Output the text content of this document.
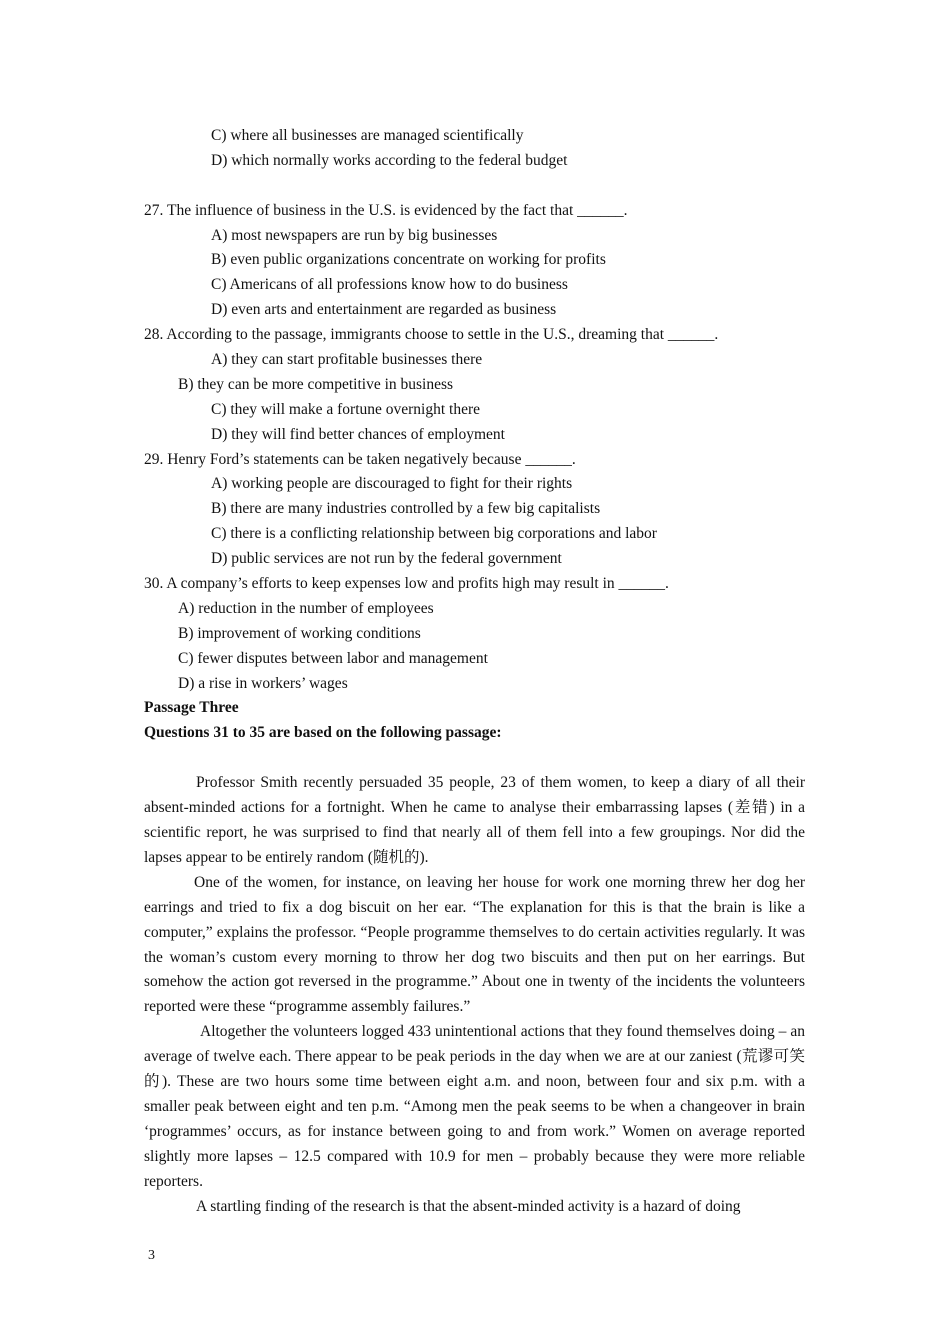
C) where all businesses are managed scientifically
D) which normally works according to the federal budget
27. The influence of business in the U.S. is evidenced by the fact that ______.
A) most newspapers are run by big businesses
B) even public organizations concentrate on working for profits
C) Americans of all professions know how to do business
D) even arts and entertainment are regarded as business
28. According to the passage, immigrants choose to settle in the U.S., dreaming that ______.
A) they can start profitable businesses there
B) they can be more competitive in business
C) they will make a fortune overnight there
D) they will find better chances of employment
29. Henry Ford’s statements can be taken negatively because ______.
A) working people are discouraged to fight for their rights
B) there are many industries controlled by a few big capitalists
C) there is a conflicting relationship between big corporations and labor
D) public services are not run by the federal government
30. A company’s efforts to keep expenses low and profits high may result in ______.
A) reduction in the number of employees
B) improvement of working conditions
C) fewer disputes between labor and management
D) a rise in workers’ wages
Passage Three
Questions 31 to 35 are based on the following passage:
Professor Smith recently persuaded 35 people, 23 of them women, to keep a diary of all their absent-minded actions for a fortnight. When he came to analyse their embarrassing lapses (差错) in a scientific report, he was surprised to find that nearly all of them fell into a few groupings. Nor did the lapses appear to be entirely random (随机的).
One of the women, for instance, on leaving her house for work one morning threw her dog her earrings and tried to fix a dog biscuit on her ear. “The explanation for this is that the brain is like a computer,” explains the professor. “People programme themselves to do certain activities regularly. It was the woman’s custom every morning to throw her dog two biscuits and then put on her earrings. But somehow the action got reversed in the programme.” About one in twenty of the incidents the volunteers reported were these “programme assembly failures.”
Altogether the volunteers logged 433 unintentional actions that they found themselves doing – an average of twelve each. There appear to be peak periods in the day when we are at our zaniest (荒谬可笑的). These are two hours some time between eight a.m. and noon, between four and six p.m. with a smaller peak between eight and ten p.m. “Among men the peak seems to be when a changeover in brain ‘programmes’ occurs, as for instance between going to and from work.” Women on average reported slightly more lapses – 12.5 compared with 10.9 for men – probably because they were more reliable reporters.
A startling finding of the research is that the absent-minded activity is a hazard of doing
3
